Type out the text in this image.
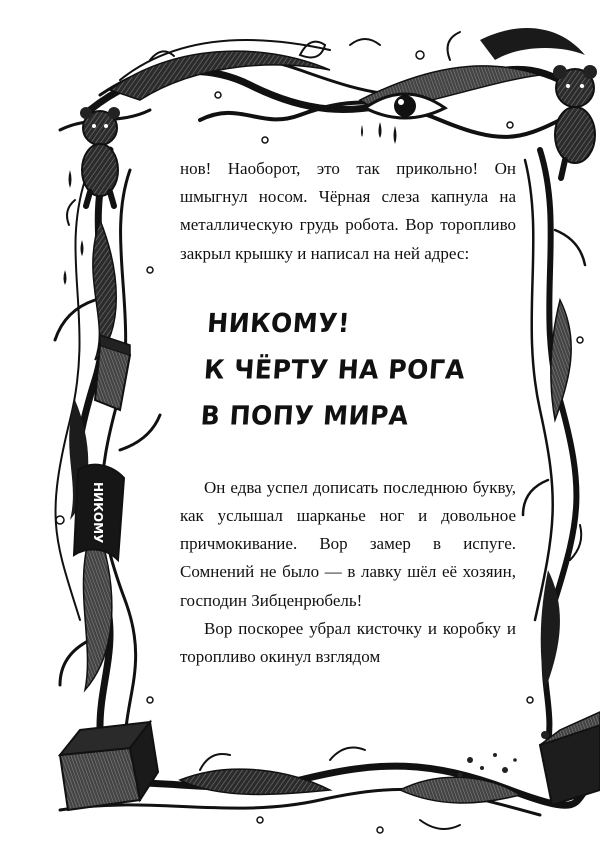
НИКОМУ

нов! Наоборот, это так прикольно! Он шмыгнул носом. Чёрная слеза капнула на металлическую грудь робота. Вор торопливо закрыл крышку и написал на ней адрес:

НИКОМУ!
К ЧЁРТУ НА РОГА
В ПОПУ МИРА

Он едва успел дописать последнюю букву, как услышал шарканье ног и довольное причмокивание. Вор замер в испуге. Сомнений не было — в лавку шёл её хозяин, господин Зибценрюбель!

Вор поскорее убрал кисточку и коробку и торопливо окинул взглядом
